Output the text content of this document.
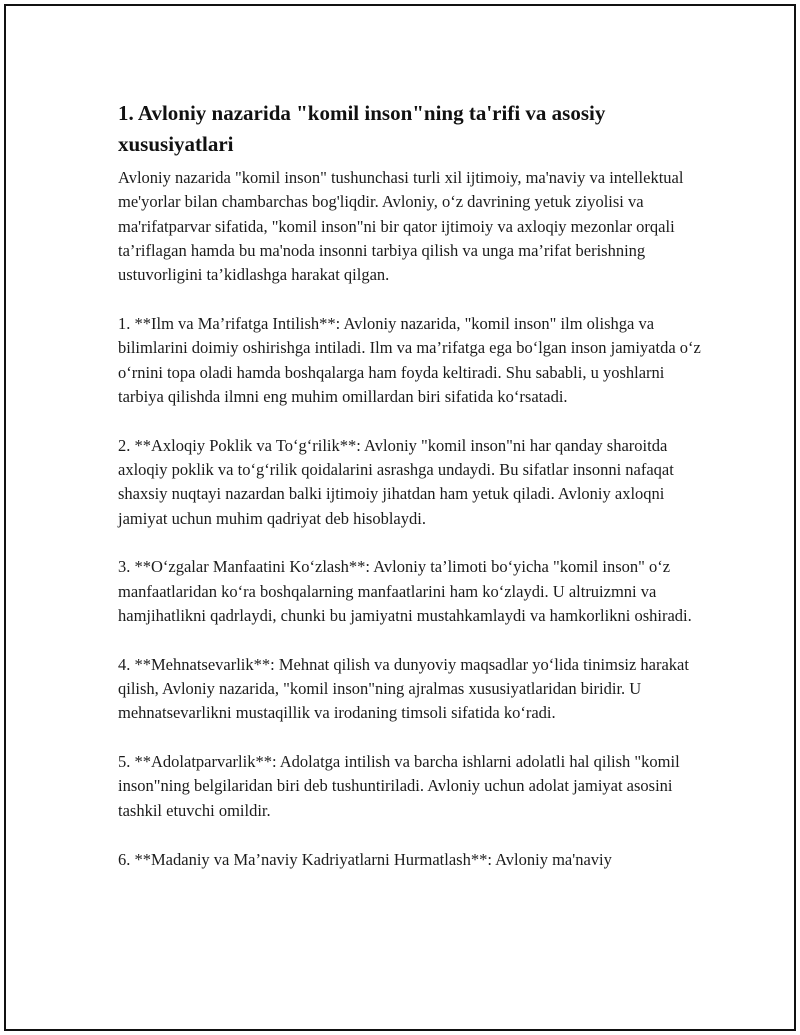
1. Avloniy nazarida "komil inson"ning ta'rifi va asosiy xususiyatlari

Avloniy nazarida "komil inson" tushunchasi turli xil ijtimoiy, ma'naviy va intellektual me'yorlar bilan chambarchas bog'liqdir. Avloniy, o‘z davrining yetuk ziyolisi va ma'rifatparvar sifatida, "komil inson"ni bir qator ijtimoiy va axloqiy mezonlar orqali ta’riflagan hamda bu ma'noda insonni tarbiya qilish va unga ma’rifat berishning ustuvorligini ta’kidlashga harakat qilgan.

1. **Ilm va Ma’rifatga Intilish**: Avloniy nazarida, "komil inson" ilm olishga va bilimlarini doimiy oshirishga intiladi. Ilm va ma’rifatga ega bo‘lgan inson jamiyatda o‘z o‘rnini topa oladi hamda boshqalarga ham foyda keltiradi. Shu sababli, u yoshlarni tarbiya qilishda ilmni eng muhim omillardan biri sifatida ko‘rsatadi.

2. **Axloqiy Poklik va To‘g‘rilik**: Avloniy "komil inson"ni har qanday sharoitda axloqiy poklik va to‘g‘rilik qoidalarini asrashga undaydi. Bu sifatlar insonni nafaqat shaxsiy nuqtayi nazardan balki ijtimoiy jihatdan ham yetuk qiladi. Avloniy axloqni jamiyat uchun muhim qadriyat deb hisoblaydi.

3. **O‘zgalar Manfaatini Ko‘zlash**: Avloniy ta’limoti bo‘yicha "komil inson" o‘z manfaatlaridan ko‘ra boshqalarning manfaatlarini ham ko‘zlaydi. U altruizmni va hamjihatlikni qadrlaydi, chunki bu jamiyatni mustahkamlaydi va hamkorlikni oshiradi.

4. **Mehnatsevarlik**: Mehnat qilish va dunyoviy maqsadlar yo‘lida tinimsiz harakat qilish, Avloniy nazarida, "komil inson"ning ajralmas xususiyatlaridan biridir. U mehnatsevarlikni mustaqillik va irodaning timsoli sifatida ko‘radi.

5. **Adolatparvarlik**: Adolatga intilish va barcha ishlarni adolatli hal qilish "komil inson"ning belgilaridan biri deb tushuntiriladi. Avloniy uchun adolat jamiyat asosini tashkil etuvchi omildir.

6. **Madaniy va Ma’naviy Kadriyatlarni Hurmatlash**: Avloniy ma'naviy
